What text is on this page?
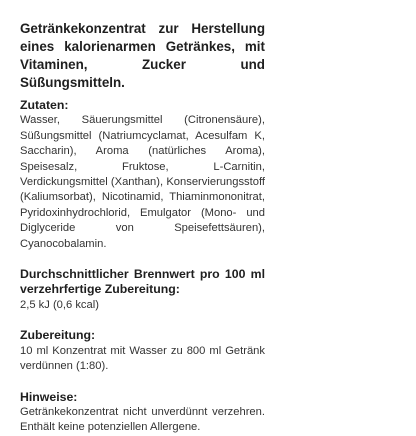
Getränkekonzentrat zur Herstellung eines kalorienarmen Getränkes, mit Vitaminen, Zucker und Süßungsmitteln.

Zutaten:

Wasser, Säuerungsmittel (Citronensäure), Süßungsmittel (Natriumcyclamat, Acesulfam K, Saccharin), Aroma (natürliches Aroma), Speisesalz, Fruktose, L-Carnitin, Verdickungsmittel (Xanthan), Konservierungsstoff (Kaliumsorbat), Nicotinamid, Thiaminmononitrat, Pyridoxinhydrochlorid, Emulgator (Mono- und Diglyceride von Speisefettsäuren), Cyanocobalamin.

Durchschnittlicher Brennwert pro 100 ml verzehrfertige Zubereitung:

2,5 kJ (0,6 kcal)

Zubereitung:

10 ml Konzentrat mit Wasser zu 800 ml Getränk verdünnen (1:80).

Hinweise:

Getränkekonzentrat nicht unverdünnt verzehren. Enthält keine potenziellen Allergene.
